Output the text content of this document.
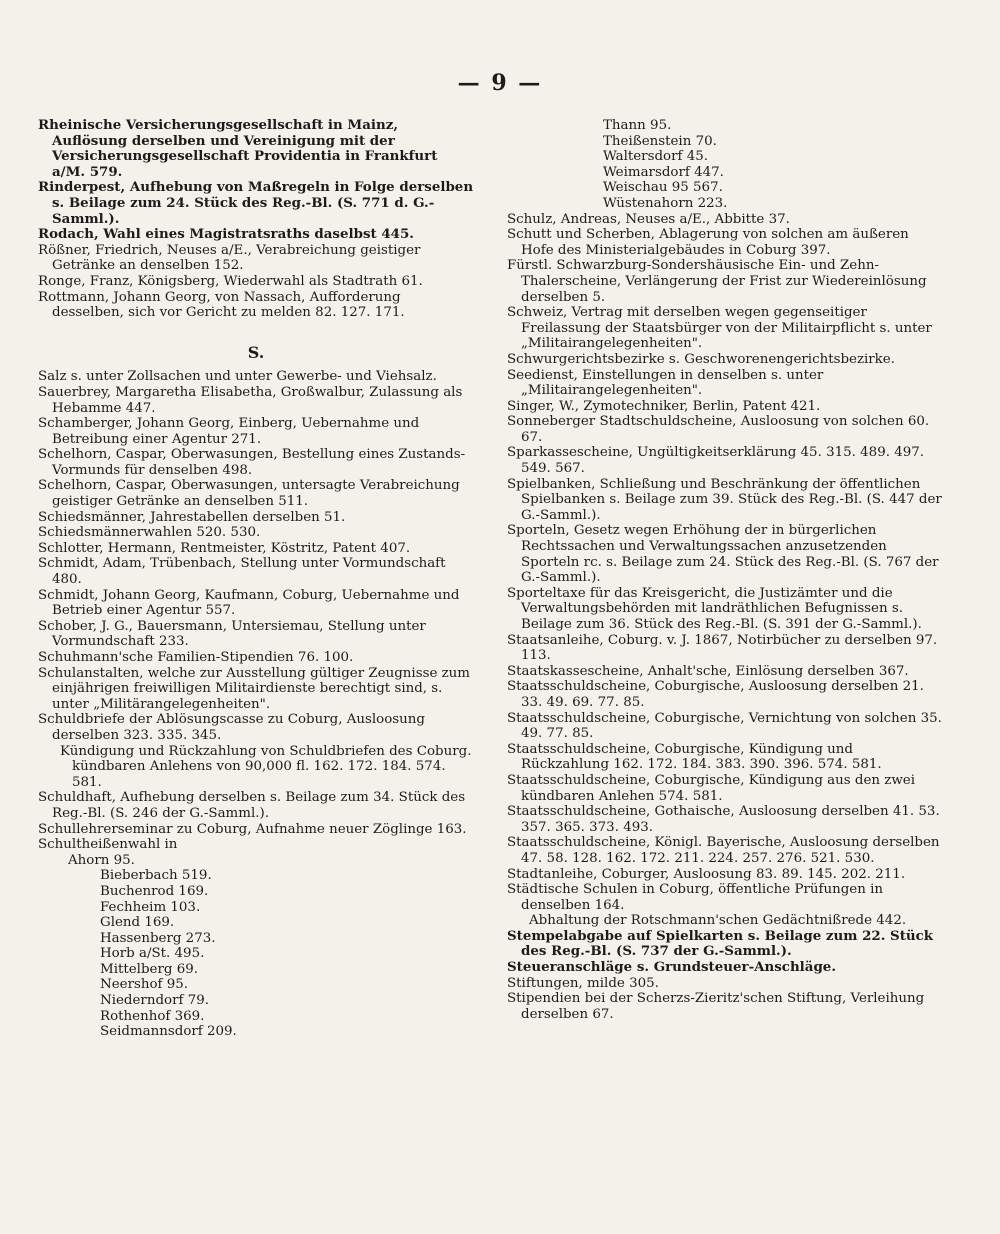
— 9 —

Rheinische Versicherungsgesellschaft in Mainz, Auflösung derselben und Vereinigung mit der Versicherungsgesellschaft Providentia in Frankfurt a/M. 579.

Rinderpest, Aufhebung von Maßregeln in Folge derselben s. Beilage zum 24. Stück des Reg.-Bl. (S. 771 d. G.-Samml.).

Rodach, Wahl eines Magistratsraths daselbst 445.

Rößner, Friedrich, Neuses a/E., Verabreichung geistiger Getränke an denselben 152.

Ronge, Franz, Königsberg, Wiederwahl als Stadtrath 61.

Rottmann, Johann Georg, von Nassach, Aufforderung desselben, sich vor Gericht zu melden 82. 127. 171.

S.

Salz s. unter Zollsachen und unter Gewerbe- und Viehsalz.

Sauerbrey, Margaretha Elisabetha, Großwalbur, Zulassung als Hebamme 447.

Schamberger, Johann Georg, Einberg, Uebernahme und Betreibung einer Agentur 271.

Schelhorn, Caspar, Oberwasungen, Bestellung eines Zustands-Vormunds für denselben 498.

Schelhorn, Caspar, Oberwasungen, untersagte Verabreichung geistiger Getränke an denselben 511.

Schiedsmänner, Jahrestabellen derselben 51.

Schiedsmännerwahlen 520. 530.

Schlotter, Hermann, Rentmeister, Köstritz, Patent 407.

Schmidt, Adam, Trübenbach, Stellung unter Vormundschaft 480.

Schmidt, Johann Georg, Kaufmann, Coburg, Uebernahme und Betrieb einer Agentur 557.

Schober, J. G., Bauersmann, Untersiemau, Stellung unter Vormundschaft 233.

Schuhmann'sche Familien-Stipendien 76. 100.

Schulanstalten, welche zur Ausstellung gültiger Zeugnisse zum einjährigen freiwilligen Militairdienste berechtigt sind, s. unter „Militärangelegenheiten".

Schuldbriefe der Ablösungscasse zu Coburg, Ausloosung derselben 323. 335. 345.

Kündigung und Rückzahlung von Schuldbriefen des Coburg. kündbaren Anlehens von 90,000 fl. 162. 172. 184. 574. 581.

Schuldhaft, Aufhebung derselben s. Beilage zum 34. Stück des Reg.-Bl. (S. 246 der G.-Samml.).

Schullehrerseminar zu Coburg, Aufnahme neuer Zöglinge 163.

Schultheißenwahl in

Ahorn 95.

Bieberbach 519.

Buchenrod 169.

Fechheim 103.

Glend 169.

Hassenberg 273.

Horb a/St. 495.

Mittelberg 69.

Neershof 95.

Niederndorf 79.

Rothenhof 369.

Seidmannsdorf 209.

Thann 95.

Theißenstein 70.

Waltersdorf 45.

Weimarsdorf 447.

Weischau 95 567.

Wüstenahorn 223.

Schulz, Andreas, Neuses a/E., Abbitte 37.

Schutt und Scherben, Ablagerung von solchen am äußeren Hofe des Ministerialgebäudes in Coburg 397.

Fürstl. Schwarzburg-Sondershäusische Ein- und Zehn-Thalerscheine, Verlängerung der Frist zur Wiedereinlösung derselben 5.

Schweiz, Vertrag mit derselben wegen gegenseitiger Freilassung der Staatsbürger von der Militairpflicht s. unter „Militairangelegenheiten".

Schwurgerichtsbezirke s. Geschworenengerichtsbezirke.

Seedienst, Einstellungen in denselben s. unter „Militairangelegenheiten".

Singer, W., Zymotechniker, Berlin, Patent 421.

Sonneberger Stadtschuldscheine, Ausloosung von solchen 60. 67.

Sparkassescheine, Ungültigkeitserklärung 45. 315. 489. 497. 549. 567.

Spielbanken, Schließung und Beschränkung der öffentlichen Spielbanken s. Beilage zum 39. Stück des Reg.-Bl. (S. 447 der G.-Samml.).

Sporteln, Gesetz wegen Erhöhung der in bürgerlichen Rechtssachen und Verwaltungssachen anzusetzenden Sporteln rc. s. Beilage zum 24. Stück des Reg.-Bl. (S. 767 der G.-Samml.).

Sporteltaxe für das Kreisgericht, die Justizämter und die Verwaltungsbehörden mit landräthlichen Befugnissen s. Beilage zum 36. Stück des Reg.-Bl. (S. 391 der G.-Samml.).

Staatsanleihe, Coburg. v. J. 1867, Notirbücher zu derselben 97. 113.

Staatskassescheine, Anhalt'sche, Einlösung derselben 367.

Staatsschuldscheine, Coburgische, Ausloosung derselben 21. 33. 49. 69. 77. 85.

Staatsschuldscheine, Coburgische, Vernichtung von solchen 35. 49. 77. 85.

Staatsschuldscheine, Coburgische, Kündigung und Rückzahlung 162. 172. 184. 383. 390. 396. 574. 581.

Staatsschuldscheine, Coburgische, Kündigung aus den zwei kündbaren Anlehen 574. 581.

Staatsschuldscheine, Gothaische, Ausloosung derselben 41. 53. 357. 365. 373. 493.

Staatsschuldscheine, Königl. Bayerische, Ausloosung derselben 47. 58. 128. 162. 172. 211. 224. 257. 276. 521. 530.

Stadtanleihe, Coburger, Ausloosung 83. 89. 145. 202. 211.

Städtische Schulen in Coburg, öffentliche Prüfungen in denselben 164.

Abhaltung der Rotschmann'schen Gedächtnißrede 442.

Stempelabgabe auf Spielkarten s. Beilage zum 22. Stück des Reg.-Bl. (S. 737 der G.-Samml.).

Steueranschläge s. Grundsteuer-Anschläge.

Stiftungen, milde 305.

Stipendien bei der Scherzs-Zieritz'schen Stiftung, Verleihung derselben 67.
